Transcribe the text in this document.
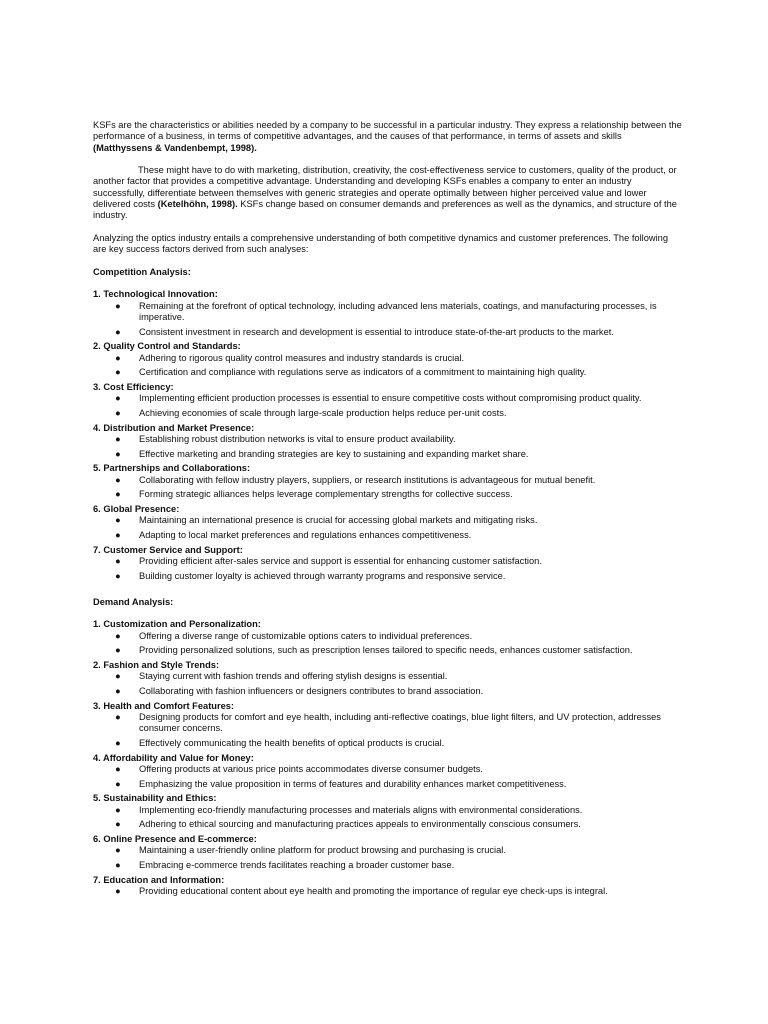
KSFs are the characteristics or abilities needed by a company to be successful in a particular industry. They express a relationship between the performance of a business, in terms of competitive advantages, and the causes of that performance, in terms of assets and skills (Matthyssens & Vandenbempt, 1998).

These might have to do with marketing, distribution, creativity, the cost-effectiveness service to customers, quality of the product, or another factor that provides a competitive advantage. Understanding and developing KSFs enables a company to enter an industry successfully, differentiate between themselves with generic strategies and operate optimally between higher perceived value and lower delivered costs (Ketelhöhn, 1998). KSFs change based on consumer demands and preferences as well as the dynamics, and structure of the industry.

Analyzing the optics industry entails a comprehensive understanding of both competitive dynamics and customer preferences. The following are key success factors derived from such analyses:

Competition Analysis:

1. Technological Innovation:

● Remaining at the forefront of optical technology, including advanced lens materials, coatings, and manufacturing processes, is imperative.
● Consistent investment in research and development is essential to introduce state-of-the-art products to the market.

2. Quality Control and Standards:

● Adhering to rigorous quality control measures and industry standards is crucial.
● Certification and compliance with regulations serve as indicators of a commitment to maintaining high quality.

3. Cost Efficiency:

● Implementing efficient production processes is essential to ensure competitive costs without compromising product quality.
● Achieving economies of scale through large-scale production helps reduce per-unit costs.

4. Distribution and Market Presence:

● Establishing robust distribution networks is vital to ensure product availability.
● Effective marketing and branding strategies are key to sustaining and expanding market share.

5. Partnerships and Collaborations:

● Collaborating with fellow industry players, suppliers, or research institutions is advantageous for mutual benefit.
● Forming strategic alliances helps leverage complementary strengths for collective success.

6. Global Presence:

● Maintaining an international presence is crucial for accessing global markets and mitigating risks.
● Adapting to local market preferences and regulations enhances competitiveness.

7. Customer Service and Support:

● Providing efficient after-sales service and support is essential for enhancing customer satisfaction.
● Building customer loyalty is achieved through warranty programs and responsive service.

Demand Analysis:

1. Customization and Personalization:

● Offering a diverse range of customizable options caters to individual preferences.
● Providing personalized solutions, such as prescription lenses tailored to specific needs, enhances customer satisfaction.

2. Fashion and Style Trends:

● Staying current with fashion trends and offering stylish designs is essential.
● Collaborating with fashion influencers or designers contributes to brand association.

3. Health and Comfort Features:

● Designing products for comfort and eye health, including anti-reflective coatings, blue light filters, and UV protection, addresses consumer concerns.
● Effectively communicating the health benefits of optical products is crucial.

4. Affordability and Value for Money:

● Offering products at various price points accommodates diverse consumer budgets.
● Emphasizing the value proposition in terms of features and durability enhances market competitiveness.

5. Sustainability and Ethics:

● Implementing eco-friendly manufacturing processes and materials aligns with environmental considerations.
● Adhering to ethical sourcing and manufacturing practices appeals to environmentally conscious consumers.

6. Online Presence and E-commerce:

● Maintaining a user-friendly online platform for product browsing and purchasing is crucial.
● Embracing e-commerce trends facilitates reaching a broader customer base.

7. Education and Information:

● Providing educational content about eye health and promoting the importance of regular eye check-ups is integral.
